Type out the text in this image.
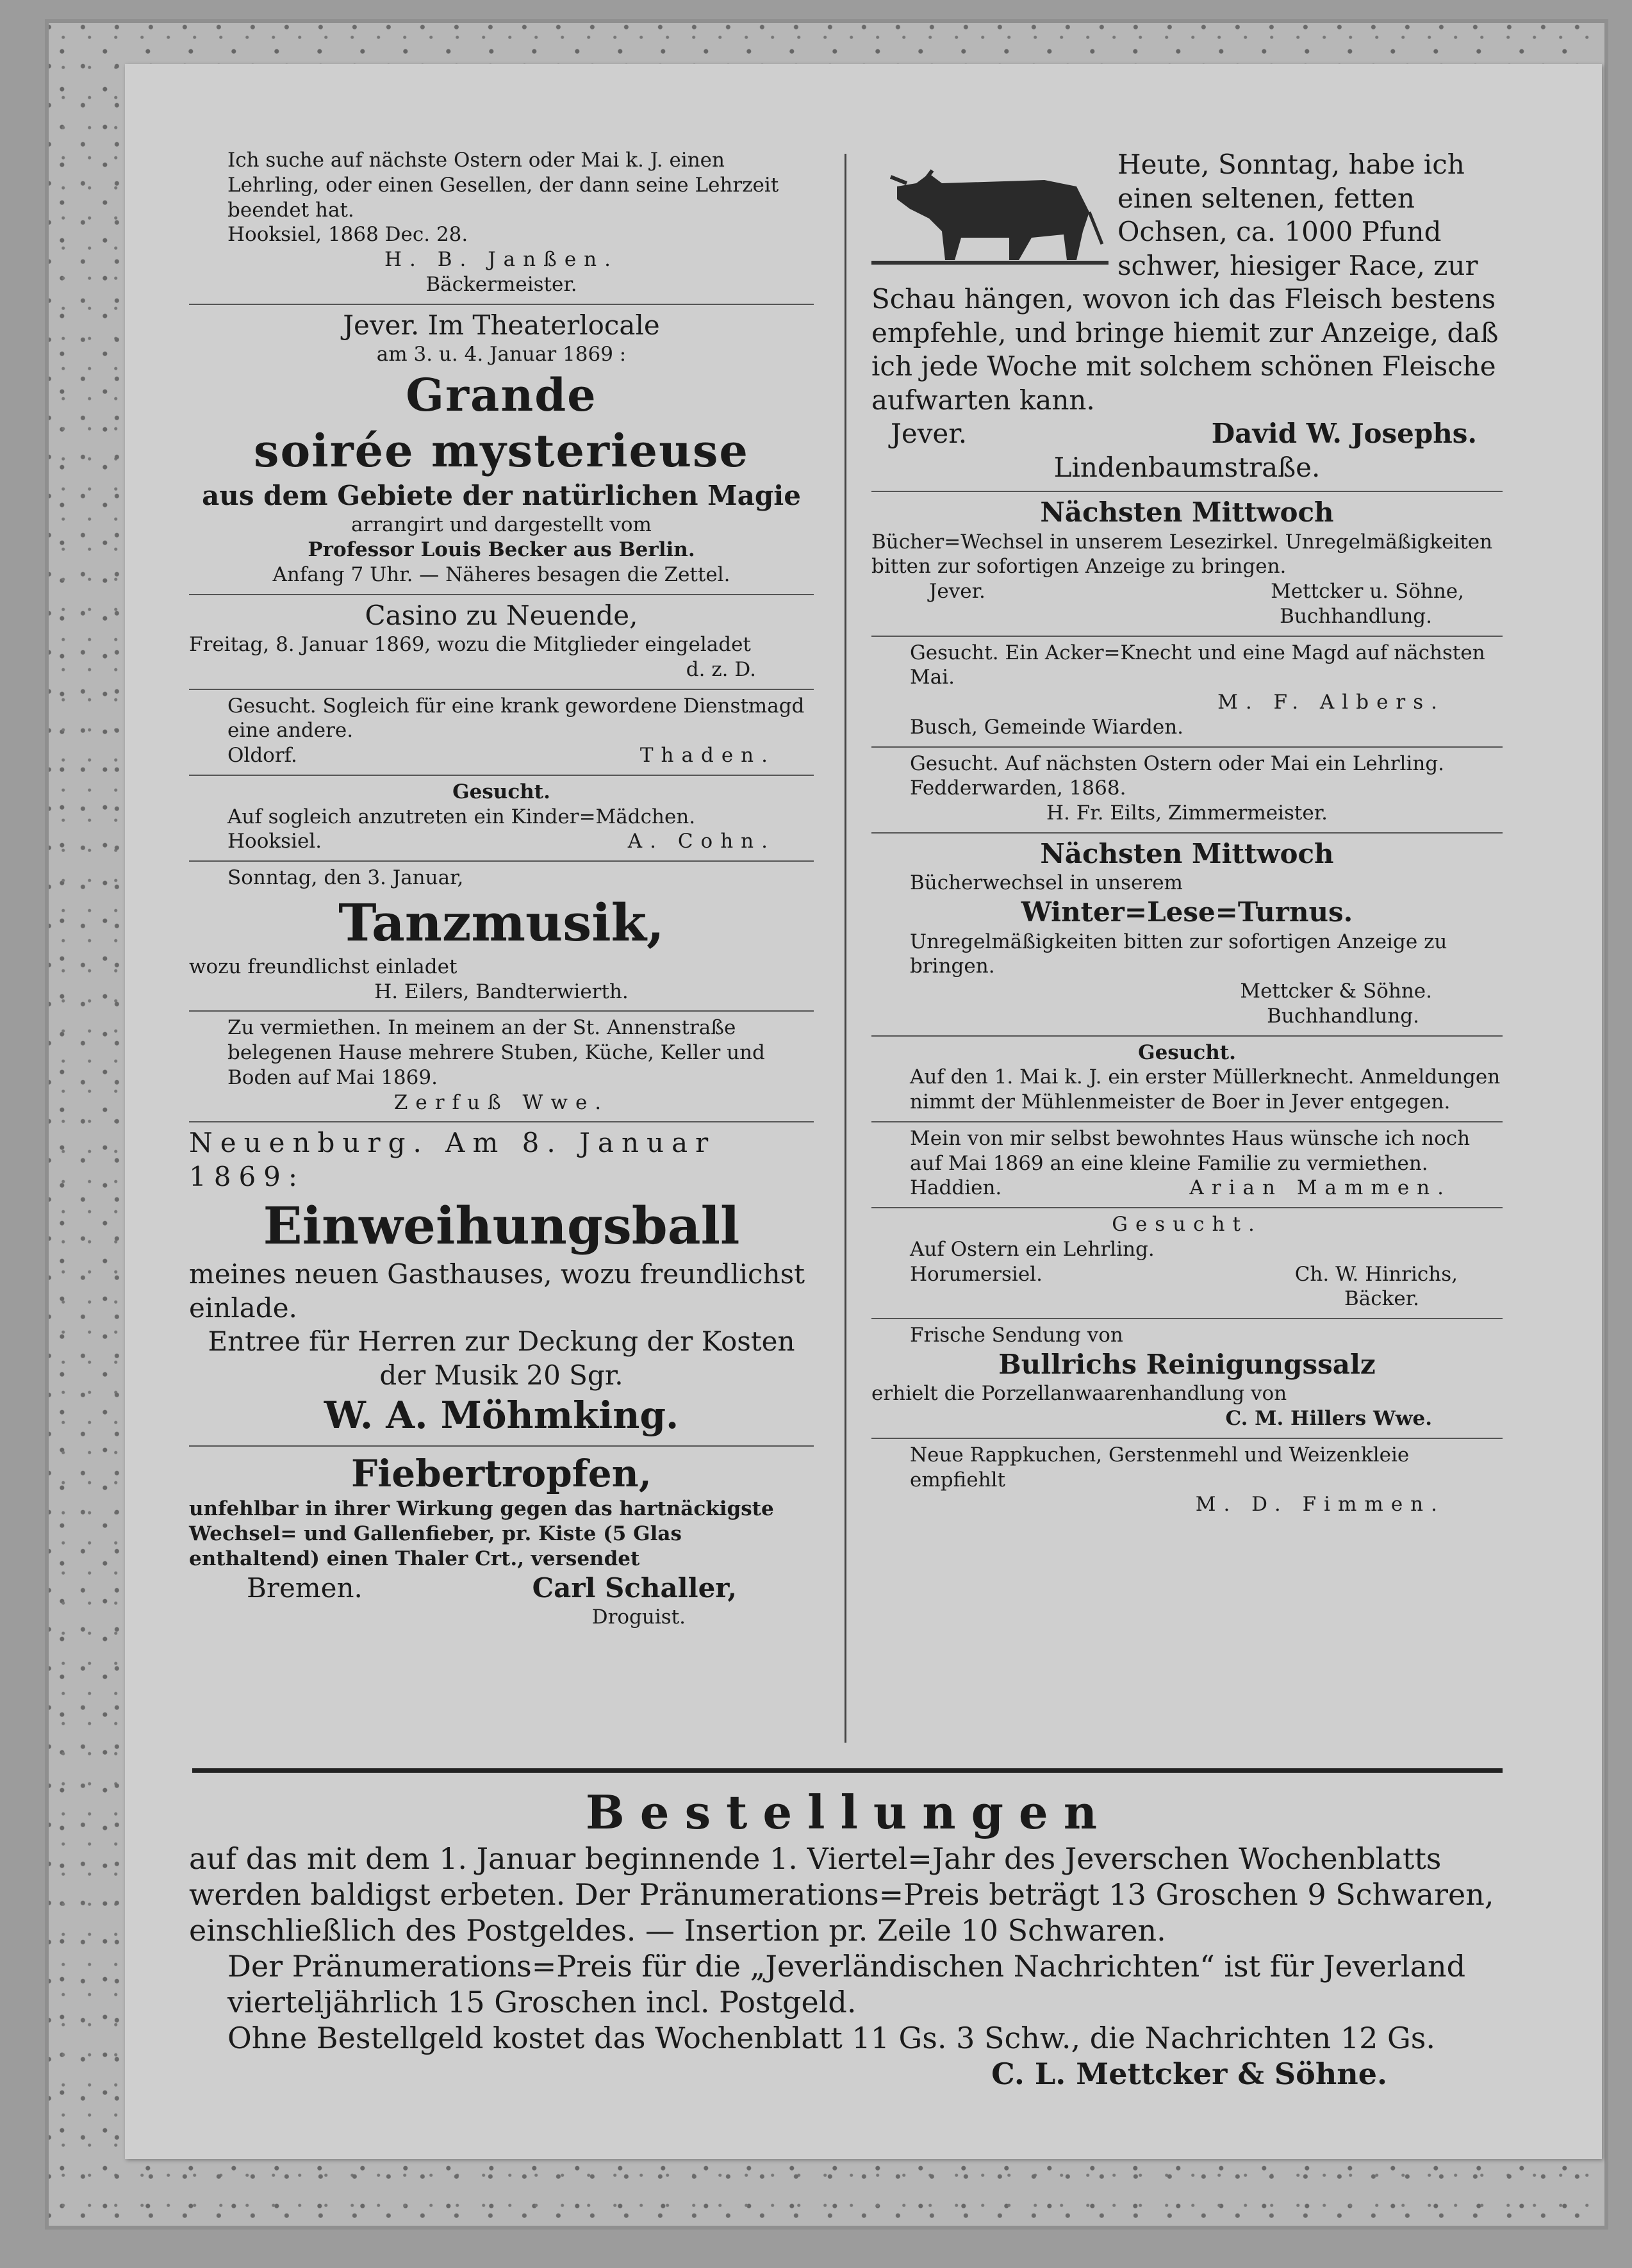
Ich suche auf nächste Ostern oder Mai k. J. einen Lehrling, oder einen Gesellen, der dann seine Lehrzeit beendet hat.
Hooksiel, 1868 Dec. 28.
H. B. Janßen.
Bäckermeister.
Jever. Im Theaterlocale
am 3. u. 4. Januar 1869 :
Grande
soirée mysterieuse
aus dem Gebiete der natürlichen Magie
arrangirt und dargestellt vom
Professor Louis Becker aus Berlin.
Anfang 7 Uhr. — Näheres besagen die Zettel.
Casino zu Neuende,
Freitag, 8. Januar 1869, wozu die Mitglieder eingeladet
d. z. D.
Gesucht. Sogleich für eine krank gewordene Dienstmagd eine andere.
Oldorf.	Thaden.
Gesucht.
Auf sogleich anzutreten ein Kinder=Mädchen.
Hooksiel.	A. Cohn.
Sonntag, den 3. Januar,
Tanzmusik,
wozu freundlichst einladet
H. Eilers, Bandterwierth.
Zu vermiethen. In meinem an der St. Annenstraße belegenen Hause mehrere Stuben, Küche, Keller und Boden auf Mai 1869.
Zerfuß Wwe.
Neuenburg. Am 8. Januar 1869:
Einweihungsball
meines neuen Gasthauses, wozu freundlichst einlade.
Entree für Herren zur Deckung der Kosten der Musik 20 Sgr.
W. A. Möhmking.
Fiebertropfen,
unfehlbar in ihrer Wirkung gegen das hartnäckigste Wechsel= und Gallenfieber, pr. Kiste (5 Glas enthaltend) einen Thaler Crt., versendet
Bremen.	Carl Schaller,
Droguist.
Heute, Sonntag, habe ich einen seltenen, fetten Ochsen, ca. 1000 Pfund schwer, hiesiger Race, zur Schau hängen, wovon ich das Fleisch bestens empfehle, und bringe hiemit zur Anzeige, daß ich jede Woche mit solchem schönen Fleische aufwarten kann.
Jever.	David W. Josephs.
Lindenbaumstraße.
Nächsten Mittwoch
Bücher=Wechsel in unserem Lesezirkel. Unregelmäßigkeiten bitten zur sofortigen Anzeige zu bringen.
Jever.	Mettcker u. Söhne,
Buchhandlung.
Gesucht. Ein Acker=Knecht und eine Magd auf nächsten Mai.
M. F. Albers.
Busch, Gemeinde Wiarden.
Gesucht. Auf nächsten Ostern oder Mai ein Lehrling.
Fedderwarden, 1868.
H. Fr. Eilts, Zimmermeister.
Nächsten Mittwoch
Bücherwechsel in unserem
Winter=Lese=Turnus.
Unregelmäßigkeiten bitten zur sofortigen Anzeige zu bringen.
Mettcker & Söhne.
Buchhandlung.
Gesucht.
Auf den 1. Mai k. J. ein erster Müllerknecht. Anmeldungen nimmt der Mühlenmeister de Boer in Jever entgegen.
Mein von mir selbst bewohntes Haus wünsche ich noch auf Mai 1869 an eine kleine Familie zu vermiethen.
Haddien.	Arian Mammen.
Gesucht.
Auf Ostern ein Lehrling.
Horumersiel.	Ch. W. Hinrichs,
Bäcker.
Frische Sendung von
Bullrichs Reinigungssalz
erhielt die Porzellanwaarenhandlung von
C. M. Hillers Wwe.
Neue Rappkuchen, Gerstenmehl und Weizenkleie empfiehlt
M. D. Fimmen.
Bestellungen
auf das mit dem 1. Januar beginnende 1. Viertel=Jahr des Jeverschen Wochenblatts werden baldigst erbeten. Der Pränumerations=Preis beträgt 13 Groschen 9 Schwaren, einschließlich des Postgeldes. — Insertion pr. Zeile 10 Schwaren.
Der Pränumerations=Preis für die „Jeverländischen Nachrichten“ ist für Jeverland vierteljährlich 15 Groschen incl. Postgeld.
Ohne Bestellgeld kostet das Wochenblatt 11 Gs. 3 Schw., die Nachrichten 12 Gs.
C. L. Mettcker & Söhne.
